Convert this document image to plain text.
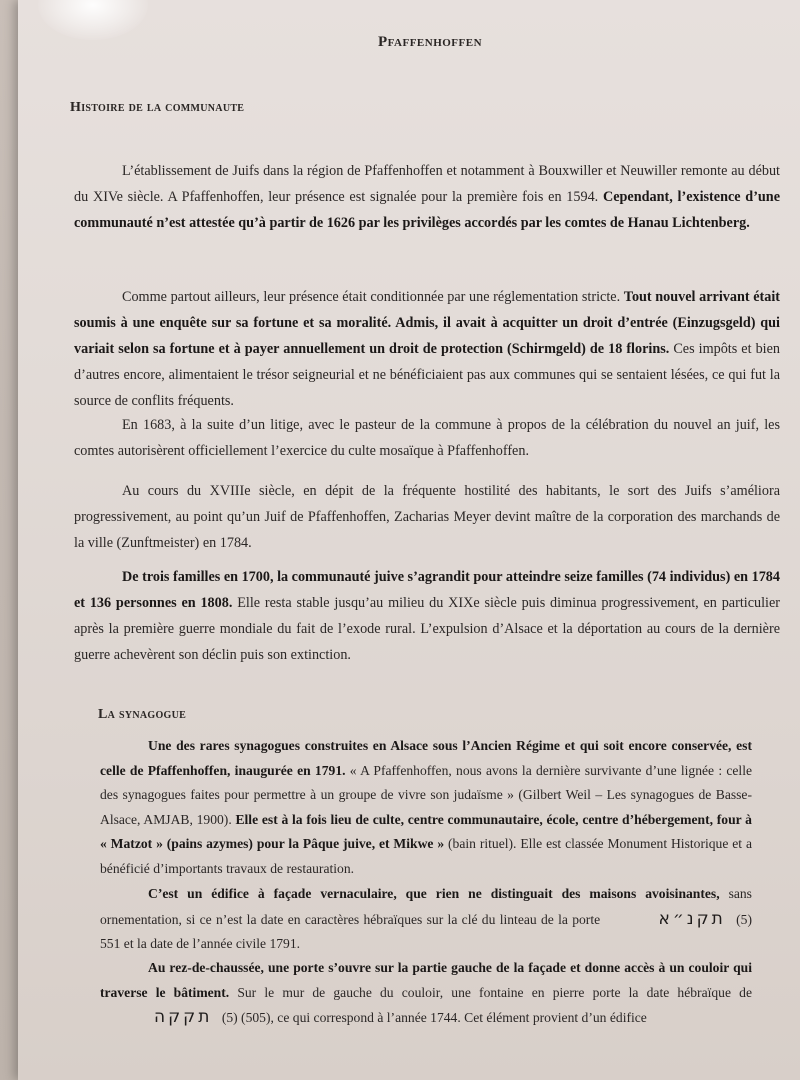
Pfaffenhoffen
Histoire de la communaute
L’établissement de Juifs dans la région de Pfaffenhoffen et notamment à Bouxwiller et Neuwiller remonte au début du XIVe siècle. A Pfaffenhoffen, leur présence est signalée pour la première fois en 1594. Cependant, l’existence d’une communauté n’est attestée qu’à partir de 1626 par les privilèges accordés par les comtes de Hanau Lichtenberg.
Comme partout ailleurs, leur présence était conditionnée par une réglementation stricte. Tout nouvel arrivant était soumis à une enquête sur sa fortune et sa moralité. Admis, il avait à acquitter un droit d’entrée (Einzugsgeld) qui variait selon sa fortune et à payer annuellement un droit de protection (Schirmgeld) de 18 florins. Ces impôts et bien d’autres encore, alimentaient le trésor seigneurial et ne bénéficiaient pas aux communes qui se sentaient lésées, ce qui fut la source de conflits fréquents.
En 1683, à la suite d’un litige, avec le pasteur de la commune à propos de la célébration du nouvel an juif, les comtes autorisèrent officiellement l’exercice du culte mosaïque à Pfaffenhoffen.
Au cours du XVIIIe siècle, en dépit de la fréquente hostilité des habitants, le sort des Juifs s’améliora progressivement, au point qu’un Juif de Pfaffenhoffen, Zacharias Meyer devint maître de la corporation des marchands de la ville (Zunftmeister) en 1784.
De trois familles en 1700, la communauté juive s’agrandit pour atteindre seize familles (74 individus) en 1784 et 136 personnes en 1808. Elle resta stable jusqu’au milieu du XIXe siècle puis diminua progressivement, en particulier après la première guerre mondiale du fait de l’exode rural. L’expulsion d’Alsace et la déportation au cours de la dernière guerre achevèrent son déclin puis son extinction.
La synagogue
Une des rares synagogues construites en Alsace sous l’Ancien Régime et qui soit encore conservée, est celle de Pfaffenhoffen, inaugurée en 1791. « A Pfaffenhoffen, nous avons la dernière survivante d’une lignée : celle des synagogues faites pour permettre à un groupe de vivre son judaïsme » (Gilbert Weil – Les synagogues de Basse-Alsace, AMJAB, 1900). Elle est à la fois lieu de culte, centre communautaire, école, centre d’hébergement, four à « Matzot » (pains azymes) pour la Pâque juive, et Mikwe » (bain rituel). Elle est classée Monument Historique et a bénéficié d’importants travaux de restauration.
C’est un édifice à façade vernaculaire, que rien ne distinguait des maisons avoisinantes, sans ornementation, si ce n’est la date en caractères hébraïques sur la clé du linteau de la porte	תקנ״א (5) 551 et la date de l’année civile 1791.
Au rez-de-chaussée, une porte s’ouvre sur la partie gauche de la façade et donne accès à un couloir qui traverse le bâtiment. Sur le mur de gauche du couloir, une fontaine en pierre porte la date hébraïque de תקקה (5) (505), ce qui correspond à l’année 1744. Cet élément provient d’un édifice
